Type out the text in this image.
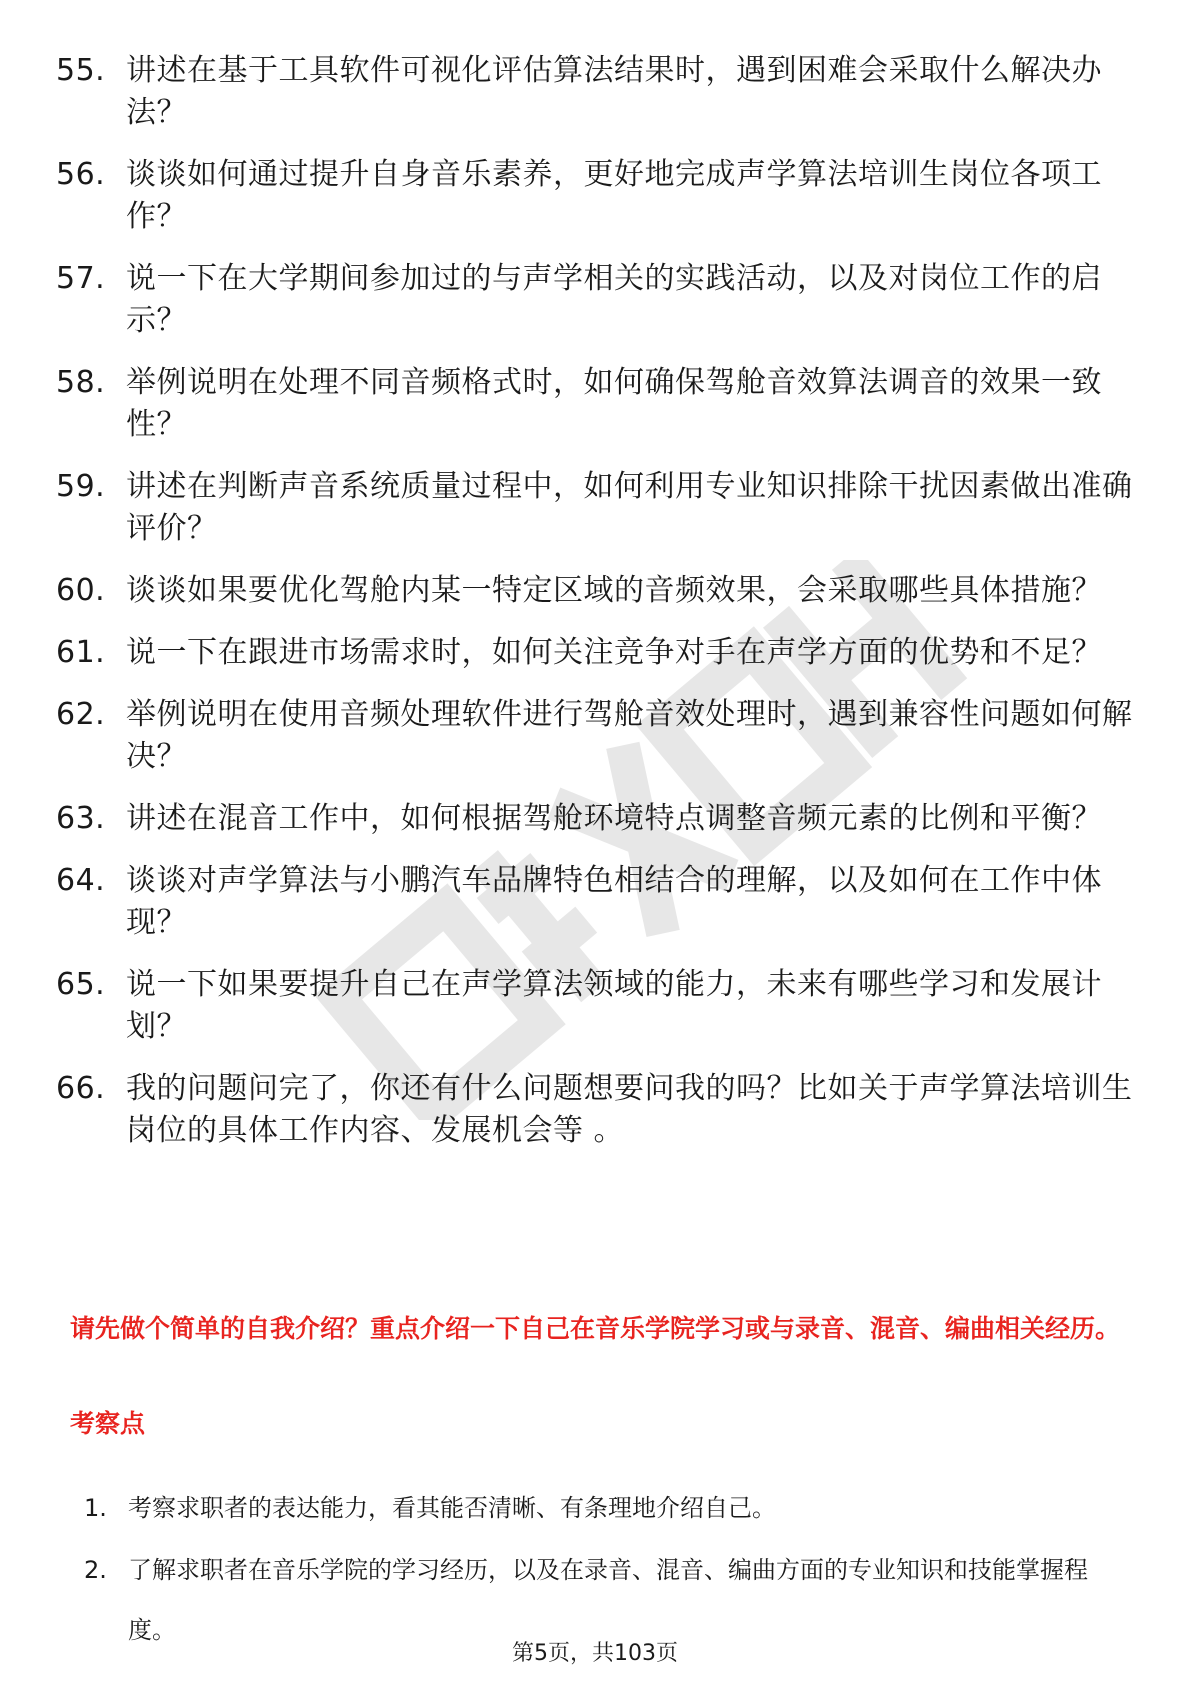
55. 讲述在基于工具软件可视化评估算法结果时，遇到困难会采取什么解决办法？
56. 谈谈如何通过提升自身音乐素养，更好地完成声学算法培训生岗位各项工作？
57. 说一下在大学期间参加过的与声学相关的实践活动，以及对岗位工作的启示？
58. 举例说明在处理不同音频格式时，如何确保驾舱音效算法调音的效果一致性？
59. 讲述在判断声音系统质量过程中，如何利用专业知识排除干扰因素做出准确评价？
60. 谈谈如果要优化驾舱内某一特定区域的音频效果，会采取哪些具体措施？
61. 说一下在跟进市场需求时，如何关注竞争对手在声学方面的优势和不足？
62. 举例说明在使用音频处理软件进行驾舱音效处理时，遇到兼容性问题如何解决？
63. 讲述在混音工作中，如何根据驾舱环境特点调整音频元素的比例和平衡？
64. 谈谈对声学算法与小鹏汽车品牌特色相结合的理解，以及如何在工作中体现？
65. 说一下如果要提升自己在声学算法领域的能力，未来有哪些学习和发展计划？
66. 我的问题问完了，你还有什么问题想要问我的吗？比如关于声学算法培训生岗位的具体工作内容、发展机会等 。

请先做个简单的自我介绍？重点介绍一下自己在音乐学院学习或与录音、混音、编曲相关经历。

考察点

1. 考察求职者的表达能力，看其能否清晰、有条理地介绍自己。
2. 了解求职者在音乐学院的学习经历，以及在录音、混音、编曲方面的专业知识和技能掌握程度。

第5页，共103页
